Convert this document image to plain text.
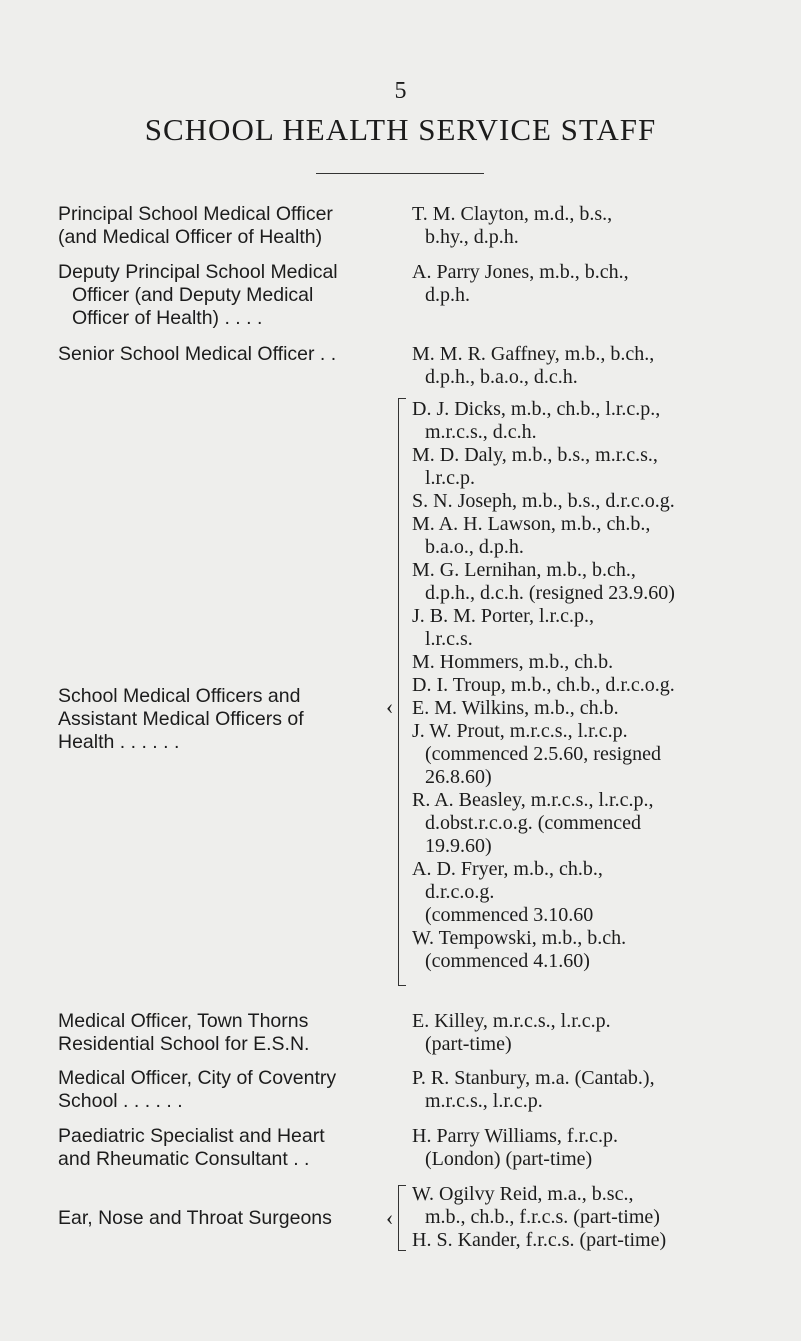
5
SCHOOL HEALTH SERVICE STAFF
Principal School Medical Officer
(and Medical Officer of Health)
T. M. Clayton, m.d., b.s.,
b.hy., d.p.h.
Deputy Principal School Medical
Officer (and Deputy Medical
Officer of Health) . . . .
A. Parry Jones, m.b., b.ch.,
d.p.h.
Senior School Medical Officer . .	M. M. R. Gaffney, m.b., b.ch.,
d.p.h., b.a.o., d.c.h.
School Medical Officers and
Assistant Medical Officers of
Health . . . . . .
‹
D. J. Dicks, m.b., ch.b., l.r.c.p.,
m.r.c.s., d.c.h.
M. D. Daly, m.b., b.s., m.r.c.s.,
l.r.c.p.
S. N. Joseph, m.b., b.s., d.r.c.o.g.
M. A. H. Lawson, m.b., ch.b.,
b.a.o., d.p.h.
M. G. Lernihan, m.b., b.ch.,
d.p.h., d.c.h. (resigned 23.9.60)
J. B. M. Porter, l.r.c.p.,
l.r.c.s.
M. Hommers, m.b., ch.b.
D. I. Troup, m.b., ch.b., d.r.c.o.g.
E. M. Wilkins, m.b., ch.b.
J. W. Prout, m.r.c.s., l.r.c.p.
(commenced 2.5.60, resigned
26.8.60)
R. A. Beasley, m.r.c.s., l.r.c.p.,
d.obst.r.c.o.g. (commenced
19.9.60)
A. D. Fryer, m.b., ch.b.,
d.r.c.o.g.
(commenced 3.10.60
W. Tempowski, m.b., b.ch.
(commenced 4.1.60)
Medical Officer, Town Thorns
Residential School for E.S.N.
E. Killey, m.r.c.s., l.r.c.p.
(part-time)
Medical Officer, City of Coventry
School . . . . . .
P. R. Stanbury, m.a. (Cantab.),
m.r.c.s., l.r.c.p.
Paediatric Specialist and Heart
and Rheumatic Consultant . .
H. Parry Williams, f.r.c.p.
(London) (part-time)
Ear, Nose and Throat Surgeons	‹
W. Ogilvy Reid, m.a., b.sc.,
m.b., ch.b., f.r.c.s. (part-time)
H. S. Kander, f.r.c.s. (part-time)
